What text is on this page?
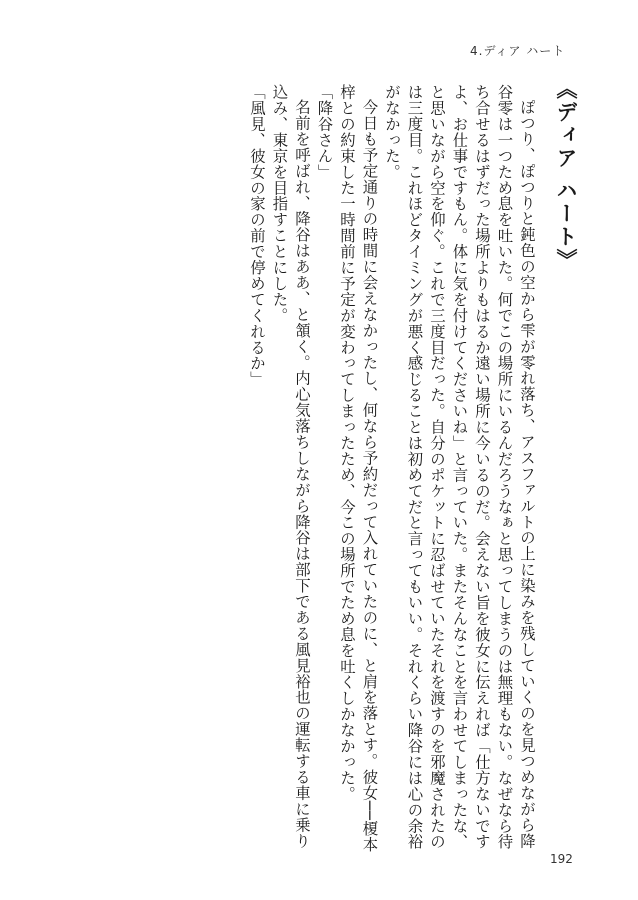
4.ディア ハート
《ディア ハート》

ぽつり、ぽつりと鈍色の空から雫が零れ落ち、アスファルトの上に染みを残していくのを見つめながら降谷零は一つため息を吐いた。何でこの場所にいるんだろうなぁと思ってしまうのは無理もない。なぜなら待ち合せるはずだった場所よりもはるか遠い場所に今いるのだ。会えない旨を彼女に伝えれば「仕方ないですよ、お仕事ですもん。体に気を付けてくださいね」と言っていた。またそんなことを言わせてしまったな、と思いながら空を仰ぐ。これで三度目だった。自分のポケットに忍ばせていたそれを渡すのを邪魔されたのは三度目。これほどタイミングが悪く感じることは初めてだと言ってもいい。それくらい降谷には心の余裕がなかった。

今日も予定通りの時間に会えなかったし、何なら予約だって入れていたのに、と肩を落とす。彼女──榎本梓との約束した一時間前に予定が変わってしまったため、今この場所でため息を吐くしかなかった。

「降谷さん」

名前を呼ばれ、降谷はああ、と頷く。内心気落ちしながら降谷は部下である風見裕也の運転する車に乗り込み、東京を目指すことにした。

「風見、彼女の家の前で停めてくれるか」

192
